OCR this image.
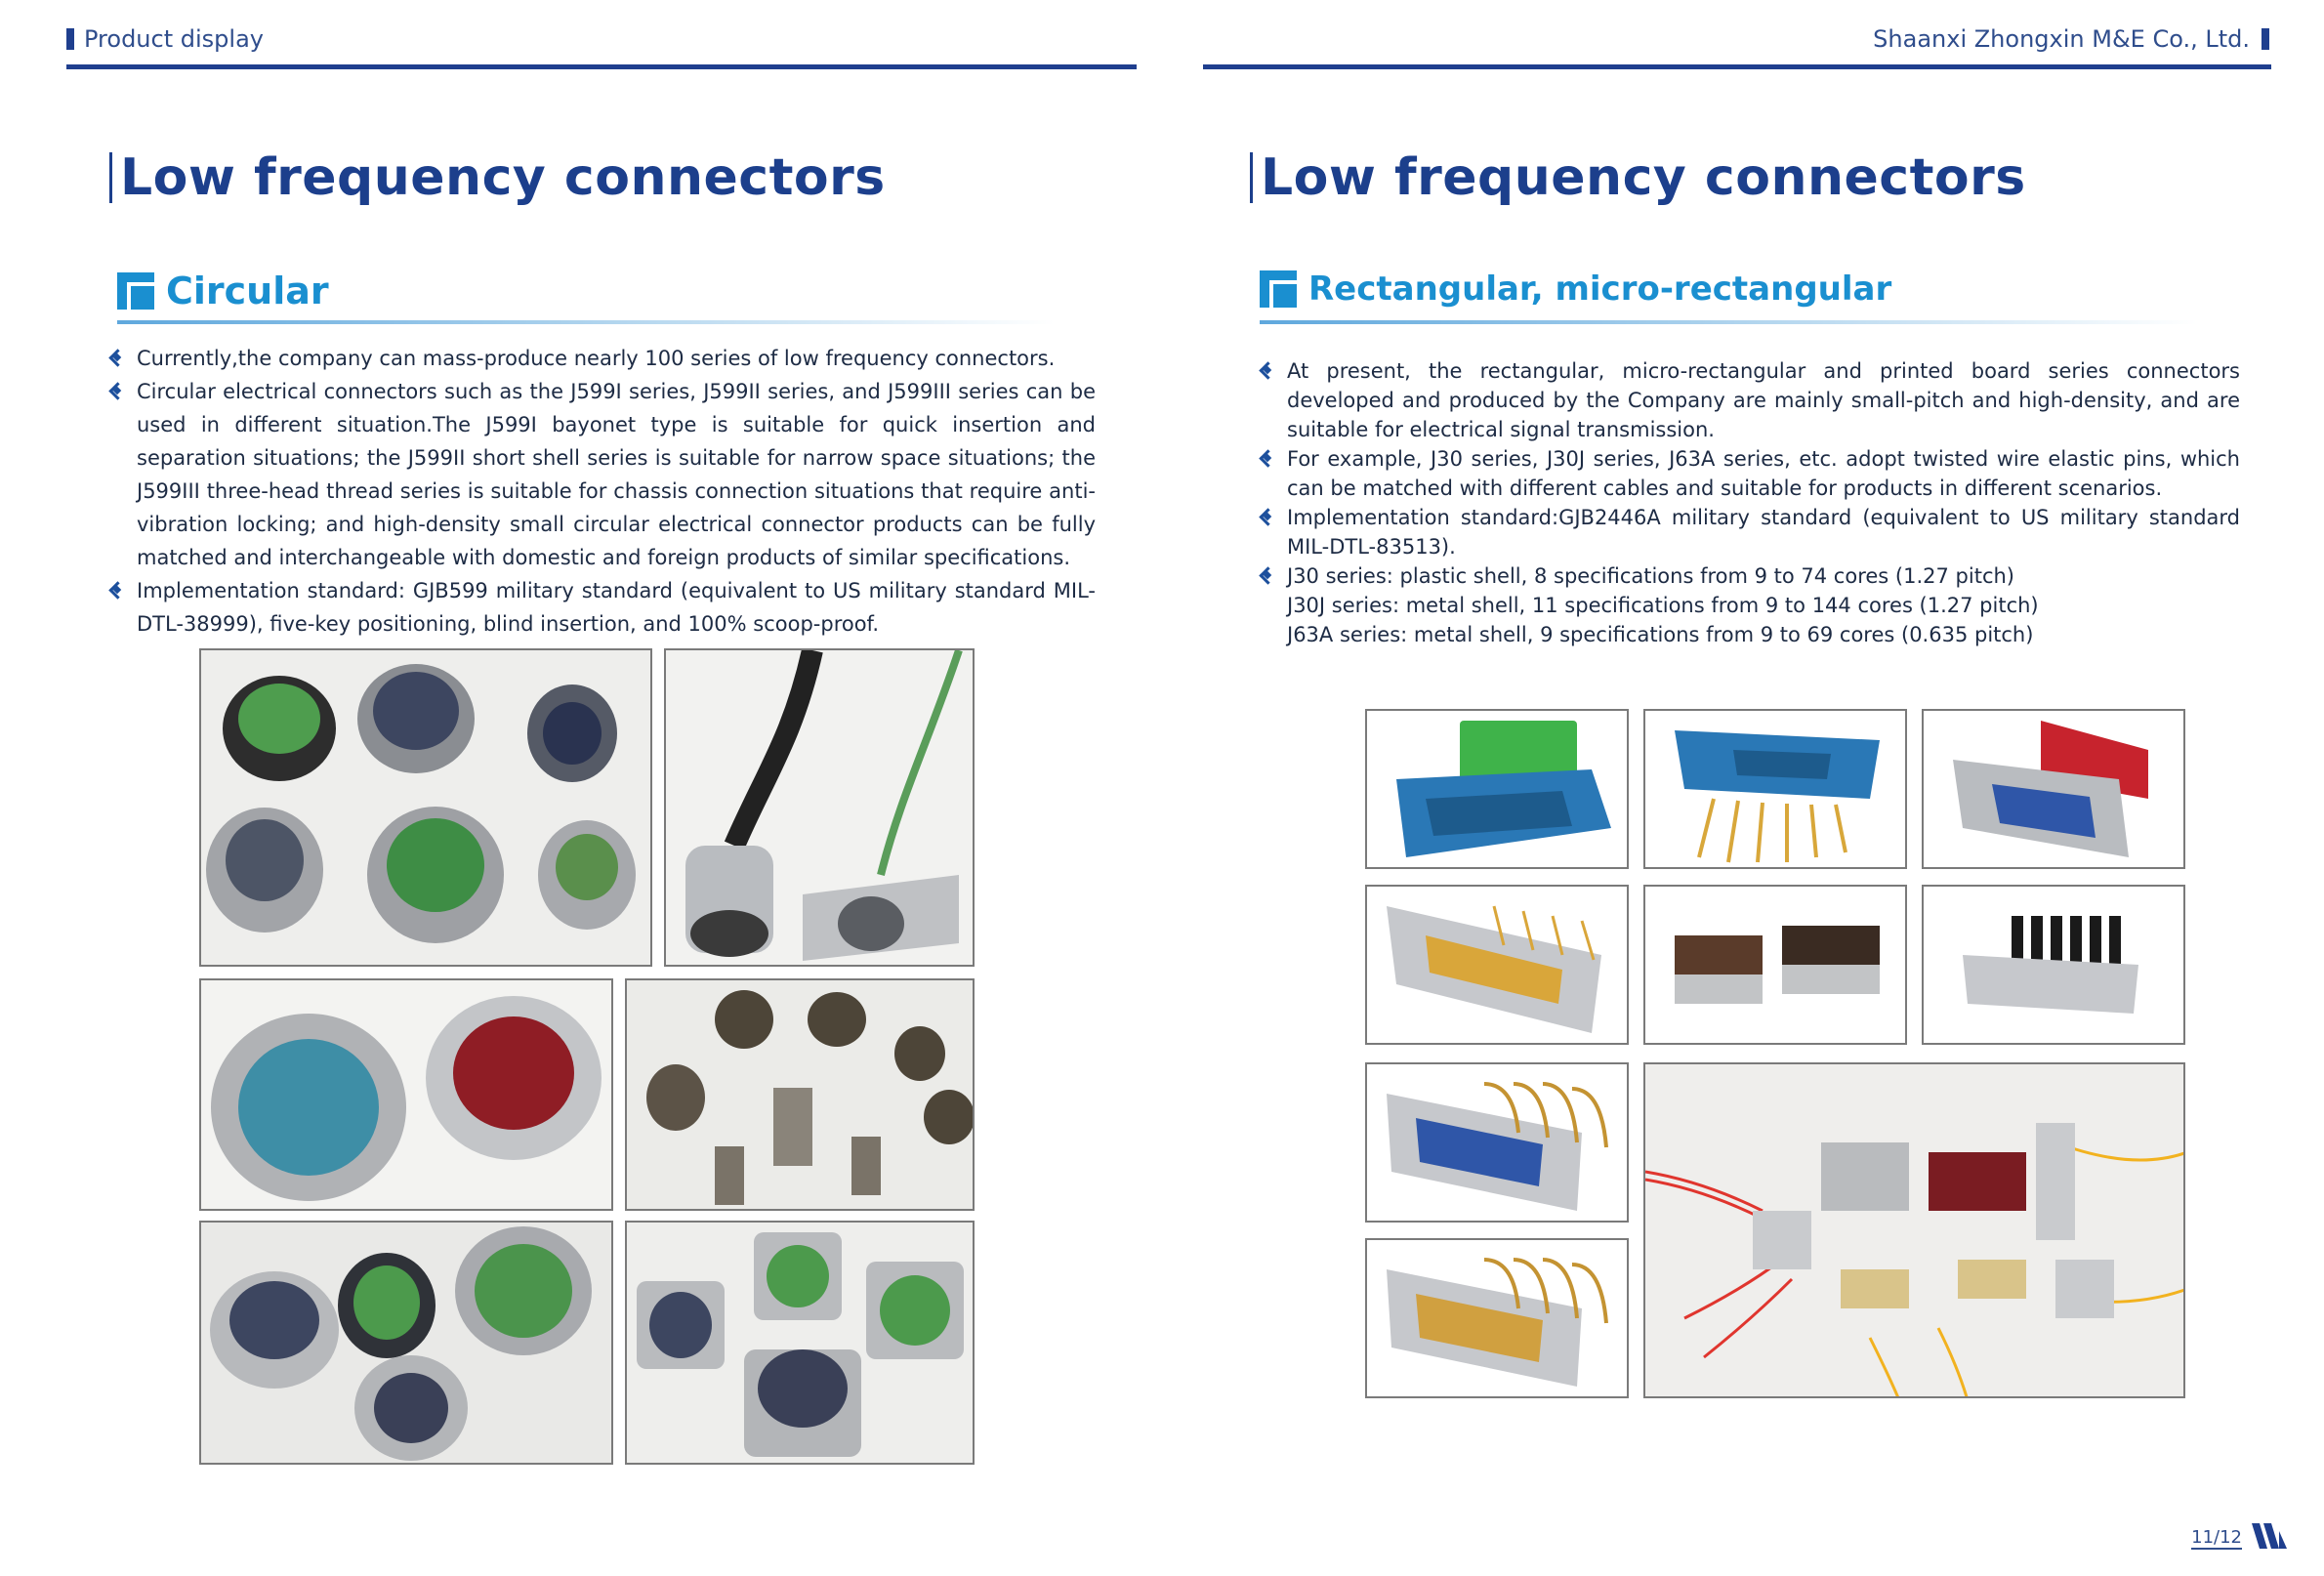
Product display	Shaanxi Zhongxin M&E Co., Ltd.
Low frequency connectors
Circular
Currently,the company can mass-produce nearly 100 series of low frequency connectors.
Circular electrical connectors such as the J599I series, J599II series, and J599III series can be used in different situation.The J599I bayonet type is suitable for quick insertion and separation situations; the J599II short shell series is suitable for narrow space situations; the J599III three-head thread series is suitable for chassis connection situations that require anti-vibration locking; and high-density small circular electrical connector products can be fully matched and interchangeable with domestic and foreign products of similar specifications.
Implementation standard: GJB599 military standard (equivalent to US military standard MIL-DTL-38999), five-key positioning, blind insertion, and 100% scoop-proof.
Low frequency connectors
Rectangular, micro-rectangular
At present, the rectangular, micro-rectangular and printed board series connectors developed and produced by the Company are mainly small-pitch and high-density, and are suitable for electrical signal transmission.
For example, J30 series, J30J series, J63A series, etc. adopt twisted wire elastic pins, which can be matched with different cables and suitable for products in different scenarios.
Implementation standard:GJB2446A military standard (equivalent to US military standard MIL-DTL-83513).
J30 series: plastic shell, 8 specifications from 9 to 74 cores (1.27 pitch)
J30J series: metal shell, 11 specifications from 9 to 144 cores (1.27 pitch)
J63A series: metal shell, 9 specifications from 9 to 69 cores (0.635 pitch)
11/12
